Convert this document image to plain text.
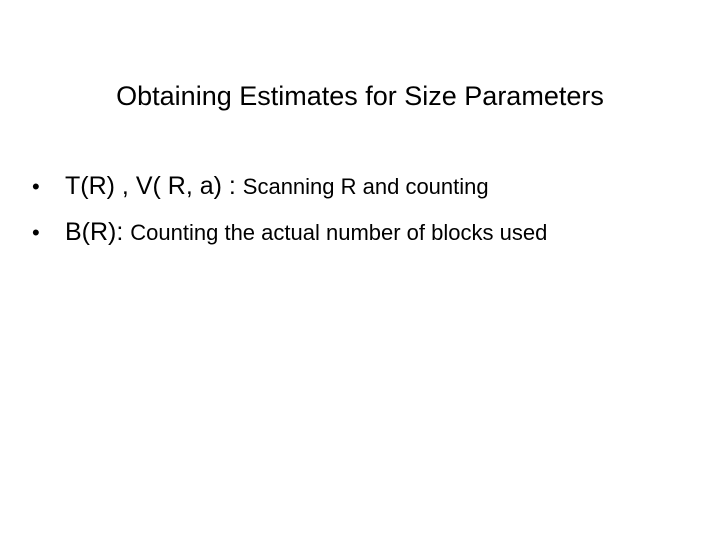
Obtaining Estimates for Size Parameters
•	T(R) , V( R, a) : Scanning R and counting
•	B(R): Counting the actual number of blocks used
